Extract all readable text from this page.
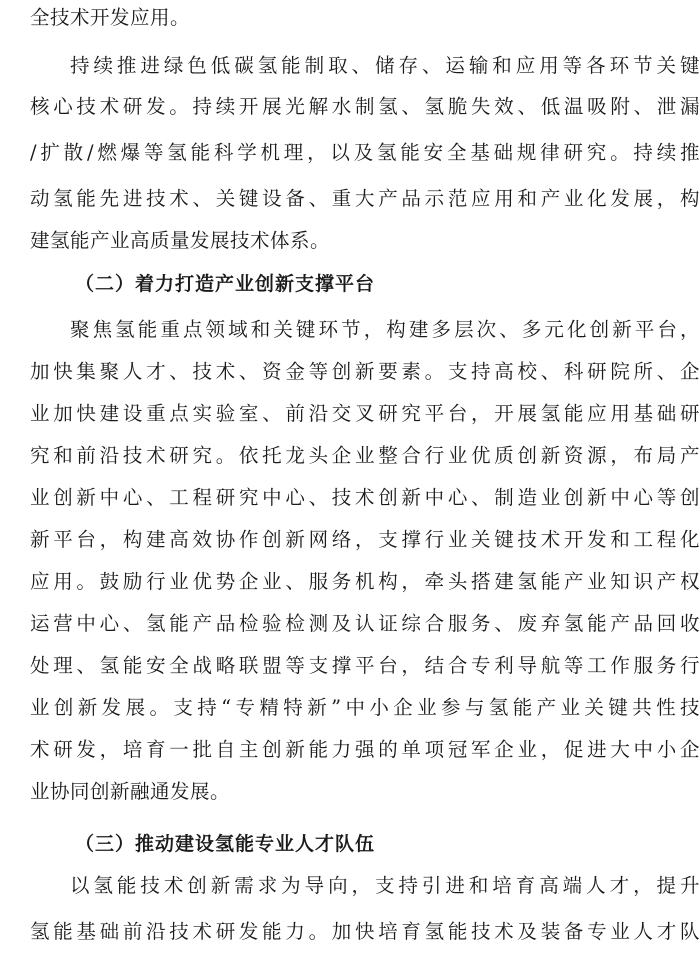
全技术开发应用。
持续推进绿色低碳氢能制取、储存、运输和应用等各环节关键
核心技术研发。持续开展光解水制氢、氢脆失效、低温吸附、泄漏
/扩散/燃爆等氢能科学机理，以及氢能安全基础规律研究。持续推
动氢能先进技术、关键设备、重大产品示范应用和产业化发展，构
建氢能产业高质量发展技术体系。
（二）着力打造产业创新支撑平台
聚焦氢能重点领域和关键环节，构建多层次、多元化创新平台，
加快集聚人才、技术、资金等创新要素。支持高校、科研院所、企
业加快建设重点实验室、前沿交叉研究平台，开展氢能应用基础研
究和前沿技术研究。依托龙头企业整合行业优质创新资源，布局产
业创新中心、工程研究中心、技术创新中心、制造业创新中心等创
新平台，构建高效协作创新网络，支撑行业关键技术开发和工程化
应用。鼓励行业优势企业、服务机构，牵头搭建氢能产业知识产权
运营中心、氢能产品检验检测及认证综合服务、废弃氢能产品回收
处理、氢能安全战略联盟等支撑平台，结合专利导航等工作服务行
业创新发展。支持“专精特新”中小企业参与氢能产业关键共性技
术研发，培育一批自主创新能力强的单项冠军企业，促进大中小企
业协同创新融通发展。
（三）推动建设氢能专业人才队伍
以氢能技术创新需求为导向，支持引进和培育高端人才，提升
氢能基础前沿技术研发能力。加快培育氢能技术及装备专业人才队
